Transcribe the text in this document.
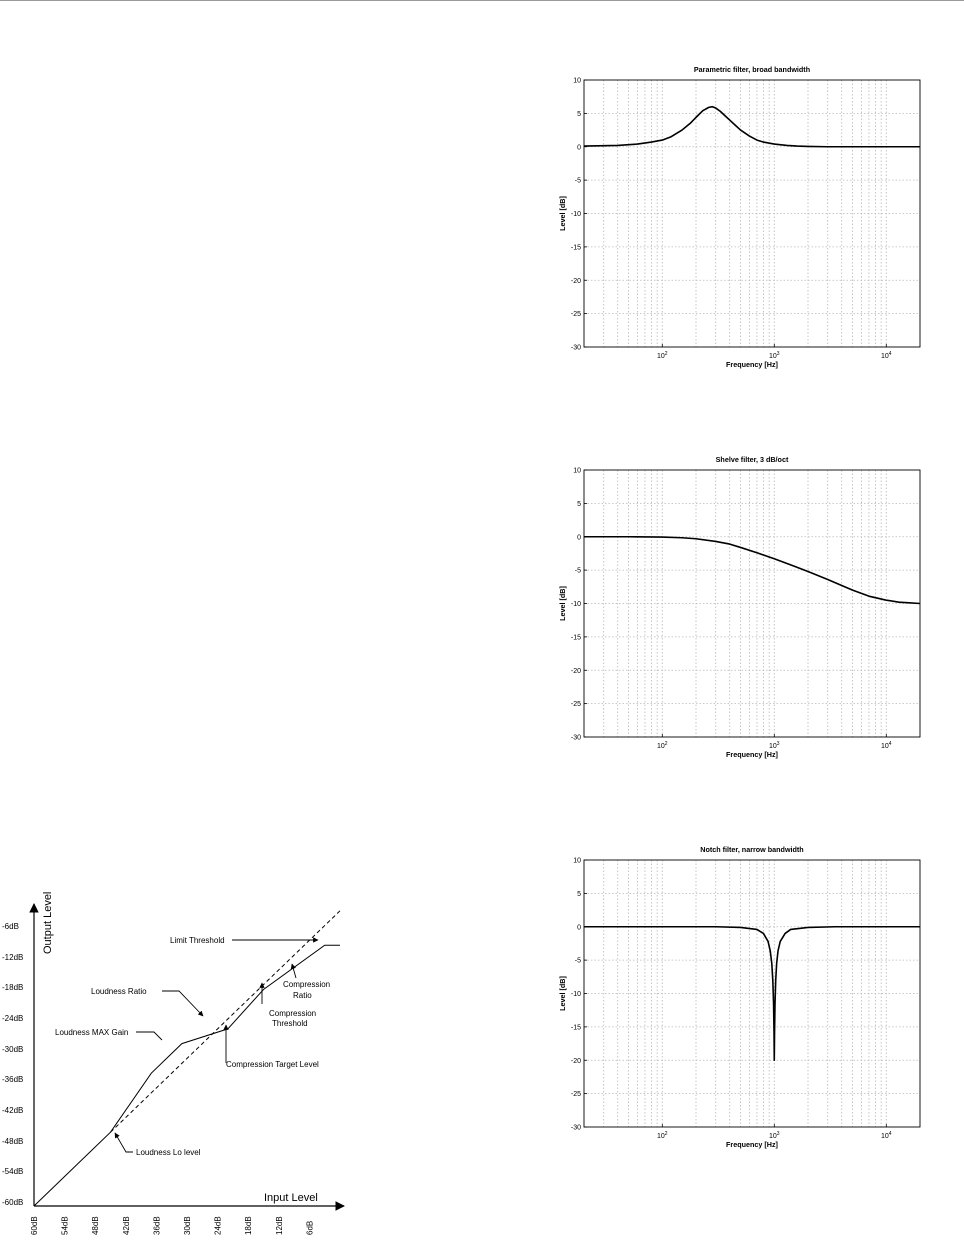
10
5
0
-5
-10
-15
-20
-25
-30
$10^2$	$10^3$	$10^4$
Parametric filter, broad bandwidth
Frequency [Hz]
Level [dB]
10
5
0
-5
-10
-15
-20
-25
-30
$10^2$	$10^3$	$10^4$
Shelve filter, 3 dB/oct
Frequency [Hz]
Level [dB]
10
5
0
-5
-10
-15
-20
-25
-30
$10^2$	$10^3$	$10^4$
Notch filter, narrow bandwidth
Frequency [Hz]
Level [dB]
-6dB
-12dB
-18dB
-24dB
-30dB
-36dB
-42dB
-48dB
-54dB
-60dB
60dB	54dB	48dB	42dB	36dB	30dB	24dB	18dB	12dB	6dB
Input Level
Output Level	Limit Threshold
Compression Ratio
Loudness Ratio
Compression Threshold
Loudness MAX Gain
Compression Target Level
Loudness Lo level
